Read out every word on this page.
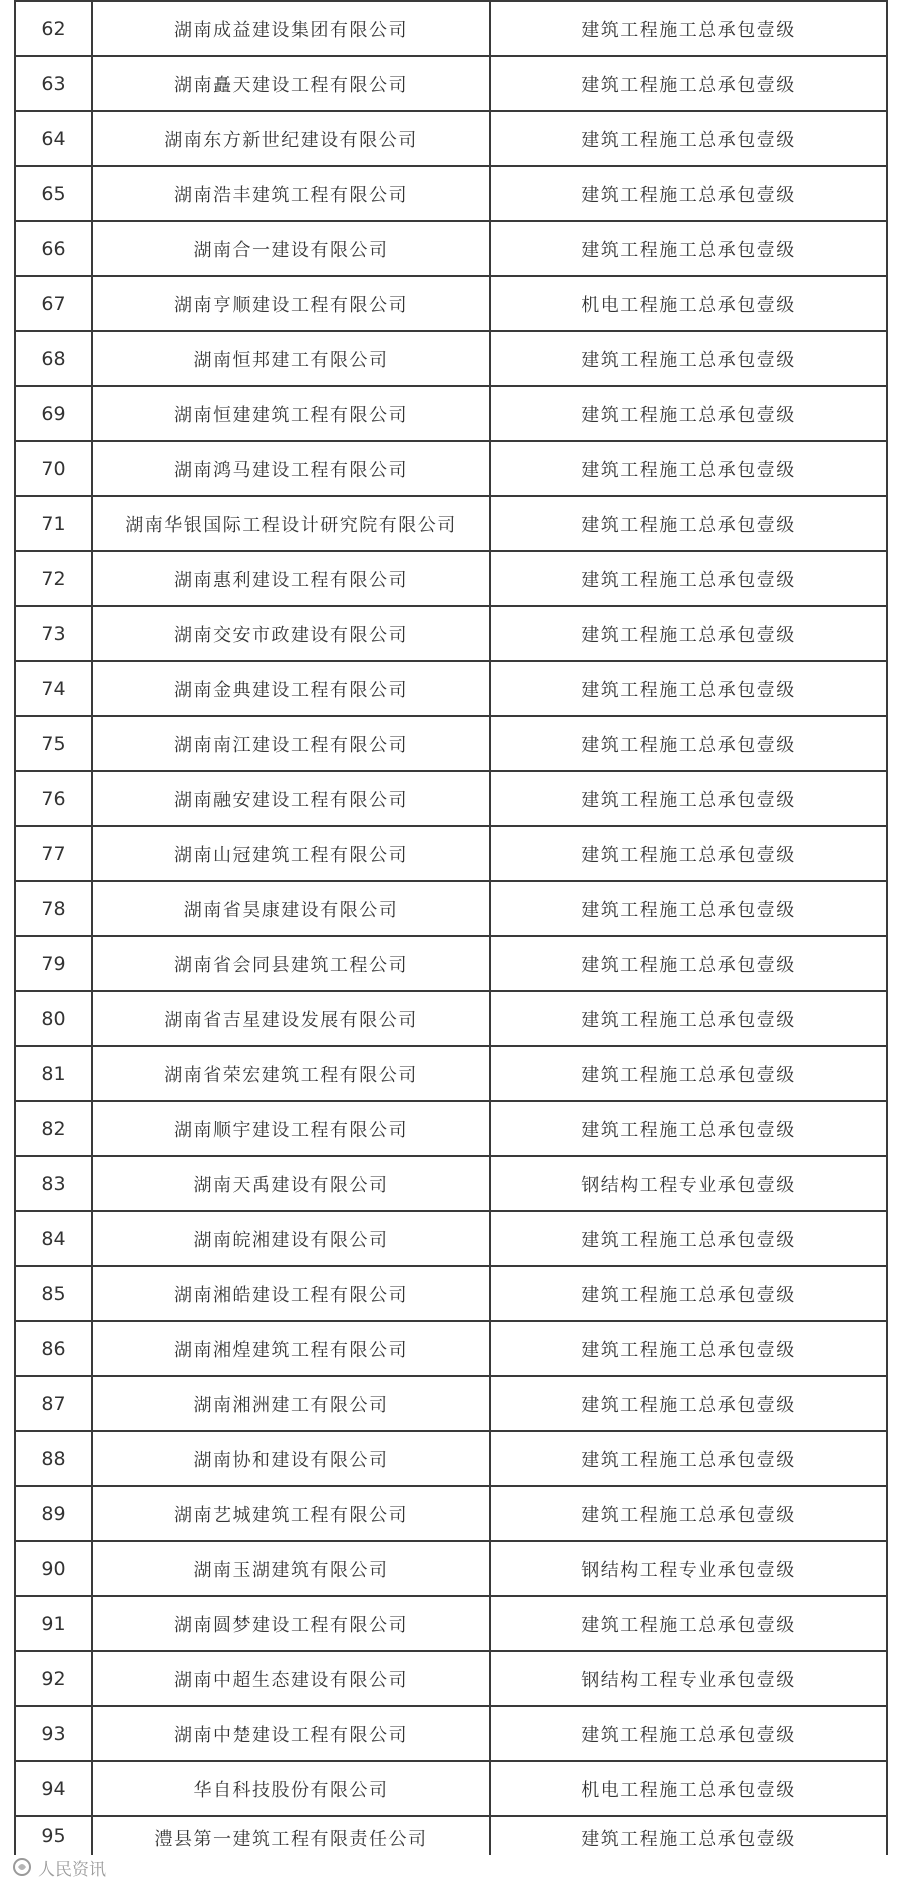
62	湖南成益建设集团有限公司	建筑工程施工总承包壹级
63	湖南矗天建设工程有限公司	建筑工程施工总承包壹级
64	湖南东方新世纪建设有限公司	建筑工程施工总承包壹级
65	湖南浩丰建筑工程有限公司	建筑工程施工总承包壹级
66	湖南合一建设有限公司	建筑工程施工总承包壹级
67	湖南亨顺建设工程有限公司	机电工程施工总承包壹级
68	湖南恒邦建工有限公司	建筑工程施工总承包壹级
69	湖南恒建建筑工程有限公司	建筑工程施工总承包壹级
70	湖南鸿马建设工程有限公司	建筑工程施工总承包壹级
71	湖南华银国际工程设计研究院有限公司	建筑工程施工总承包壹级
72	湖南惠利建设工程有限公司	建筑工程施工总承包壹级
73	湖南交安市政建设有限公司	建筑工程施工总承包壹级
74	湖南金典建设工程有限公司	建筑工程施工总承包壹级
75	湖南南江建设工程有限公司	建筑工程施工总承包壹级
76	湖南融安建设工程有限公司	建筑工程施工总承包壹级
77	湖南山冠建筑工程有限公司	建筑工程施工总承包壹级
78	湖南省昊康建设有限公司	建筑工程施工总承包壹级
79	湖南省会同县建筑工程公司	建筑工程施工总承包壹级
80	湖南省吉星建设发展有限公司	建筑工程施工总承包壹级
81	湖南省荣宏建筑工程有限公司	建筑工程施工总承包壹级
82	湖南顺宇建设工程有限公司	建筑工程施工总承包壹级
83	湖南天禹建设有限公司	钢结构工程专业承包壹级
84	湖南皖湘建设有限公司	建筑工程施工总承包壹级
85	湖南湘皓建设工程有限公司	建筑工程施工总承包壹级
86	湖南湘煌建筑工程有限公司	建筑工程施工总承包壹级
87	湖南湘洲建工有限公司	建筑工程施工总承包壹级
88	湖南协和建设有限公司	建筑工程施工总承包壹级
89	湖南艺城建筑工程有限公司	建筑工程施工总承包壹级
90	湖南玉湖建筑有限公司	钢结构工程专业承包壹级
91	湖南圆梦建设工程有限公司	建筑工程施工总承包壹级
92	湖南中超生态建设有限公司	钢结构工程专业承包壹级
93	湖南中楚建设工程有限公司	建筑工程施工总承包壹级
94	华自科技股份有限公司	机电工程施工总承包壹级
95	澧县第一建筑工程有限责任公司	建筑工程施工总承包壹级
人民资讯
